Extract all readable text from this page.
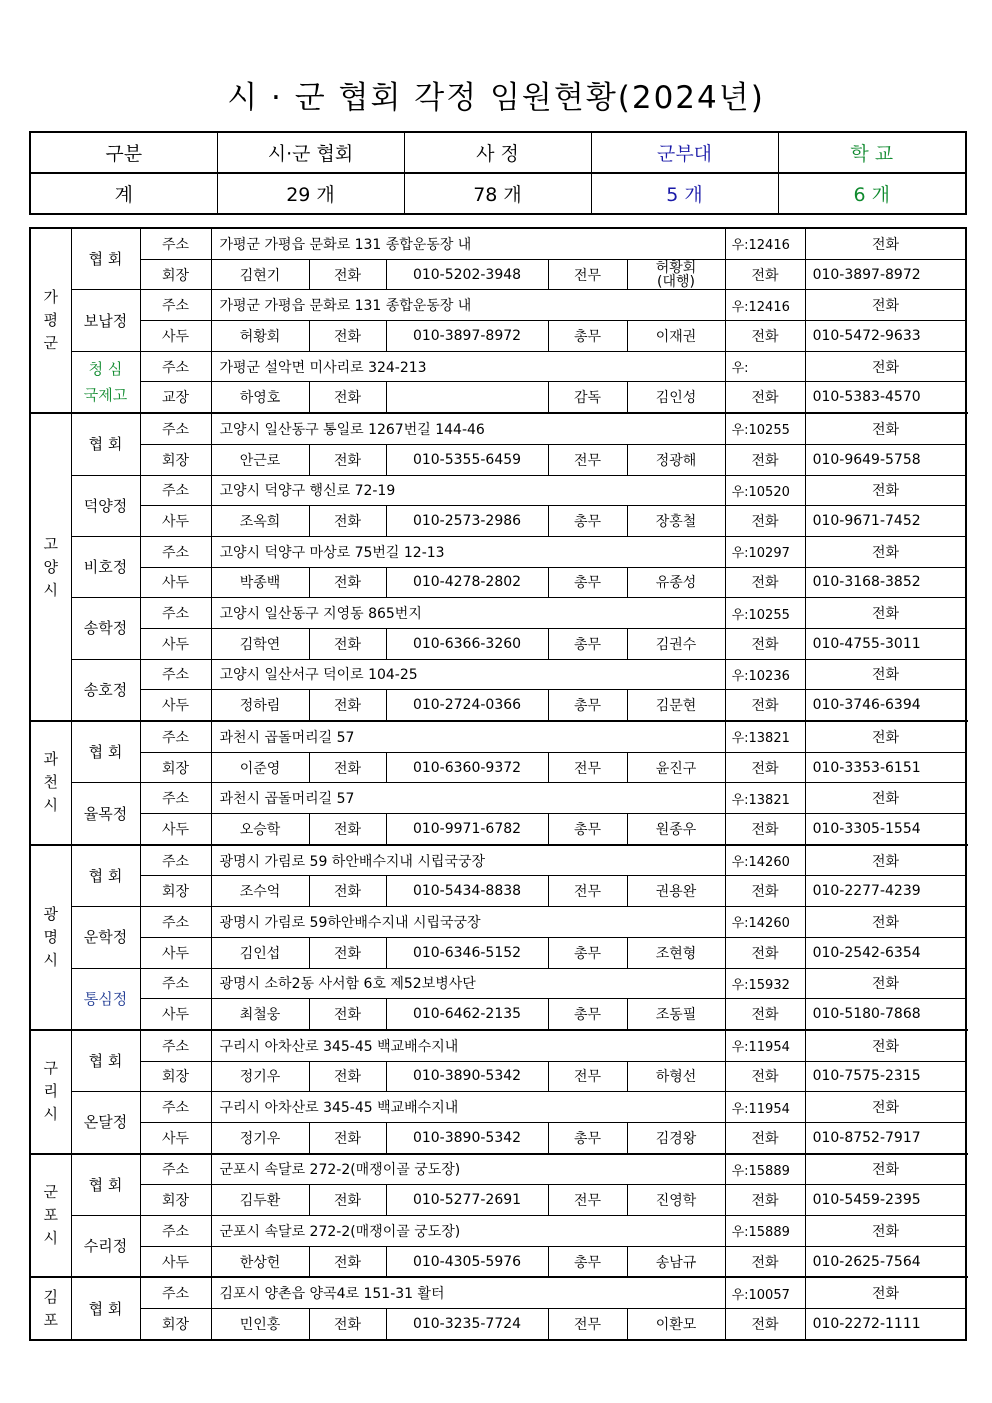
시 · 군 협회 각정 임원현황(2024년)
구분	시·군 협회	사 정	군부대	학 교
계	29 개	78 개	5 개	6 개
가
평
군	협 회	주소	가평군 가평읍 문화로 131 종합운동장 내					우:12416	전화	
		회장	김현기	전화	010-5202-3948	전무	허황회
(대행)	전화	010-3897-8972	
	보납정	주소	가평군 가평읍 문화로 131 종합운동장 내					우:12416	전화	
		사두	허황회	전화	010-3897-8972	총무	이재권	전화	010-5472-9633	
	청 심
국제고	주소	가평군 설악면 미사리로 324-213					우:	전화	
		교장	하영호	전화		감독	김인성	전화	010-5383-4570	
고
양
시	협 회	주소	고양시 일산동구 통일로 1267번길 144-46					우:10255	전화	
		회장	안근로	전화	010-5355-6459	전무	정광해	전화	010-9649-5758	
	덕양정	주소	고양시 덕양구 행신로 72-19					우:10520	전화	
		사두	조옥희	전화	010-2573-2986	총무	장홍철	전화	010-9671-7452	
	비호정	주소	고양시 덕양구 마상로 75번길 12-13					우:10297	전화	
		사두	박종백	전화	010-4278-2802	총무	유종성	전화	010-3168-3852	
	송학정	주소	고양시 일산동구 지영동 865번지					우:10255	전화	
		사두	김학연	전화	010-6366-3260	총무	김권수	전화	010-4755-3011	
	송호정	주소	고양시 일산서구 덕이로 104-25					우:10236	전화	
		사두	정하림	전화	010-2724-0366	총무	김문현	전화	010-3746-6394	
과
천
시	협 회	주소	과천시 곱돌머리길 57					우:13821	전화	
		회장	이준영	전화	010-6360-9372	전무	윤진구	전화	010-3353-6151	
	율목정	주소	과천시 곱돌머리길 57					우:13821	전화	
		사두	오승학	전화	010-9971-6782	총무	원종우	전화	010-3305-1554	
광
명
시	협 회	주소	광명시 가림로 59 하안배수지내 시립국궁장					우:14260	전화	
		회장	조수억	전화	010-5434-8838	전무	권용완	전화	010-2277-4239	
	운학정	주소	광명시 가림로 59하안배수지내 시립국궁장					우:14260	전화	
		사두	김인섭	전화	010-6346-5152	총무	조현형	전화	010-2542-6354	
	통심정	주소	광명시 소하2동 사서함 6호 제52보병사단					우:15932	전화	
		사두	최철웅	전화	010-6462-2135	총무	조동필	전화	010-5180-7868	
구
리
시	협 회	주소	구리시 아차산로 345-45 백교배수지내					우:11954	전화	
		회장	정기우	전화	010-3890-5342	전무	하형선	전화	010-7575-2315	
	온달정	주소	구리시 아차산로 345-45 백교배수지내					우:11954	전화	
		사두	정기우	전화	010-3890-5342	총무	김경왕	전화	010-8752-7917	
군
포
시	협 회	주소	군포시 속달로 272-2(매쟁이골 궁도장)					우:15889	전화	
		회장	김두환	전화	010-5277-2691	전무	진영학	전화	010-5459-2395	
	수리정	주소	군포시 속달로 272-2(매쟁이골 궁도장)					우:15889	전화	
		사두	한상헌	전화	010-4305-5976	총무	송남규	전화	010-2625-7564	
김
포	협 회	주소	김포시 양촌읍 양곡4로 151-31 활터					우:10057	전화	
		회장	민인홍	전화	010-3235-7724	전무	이환모	전화	010-2272-1111	
